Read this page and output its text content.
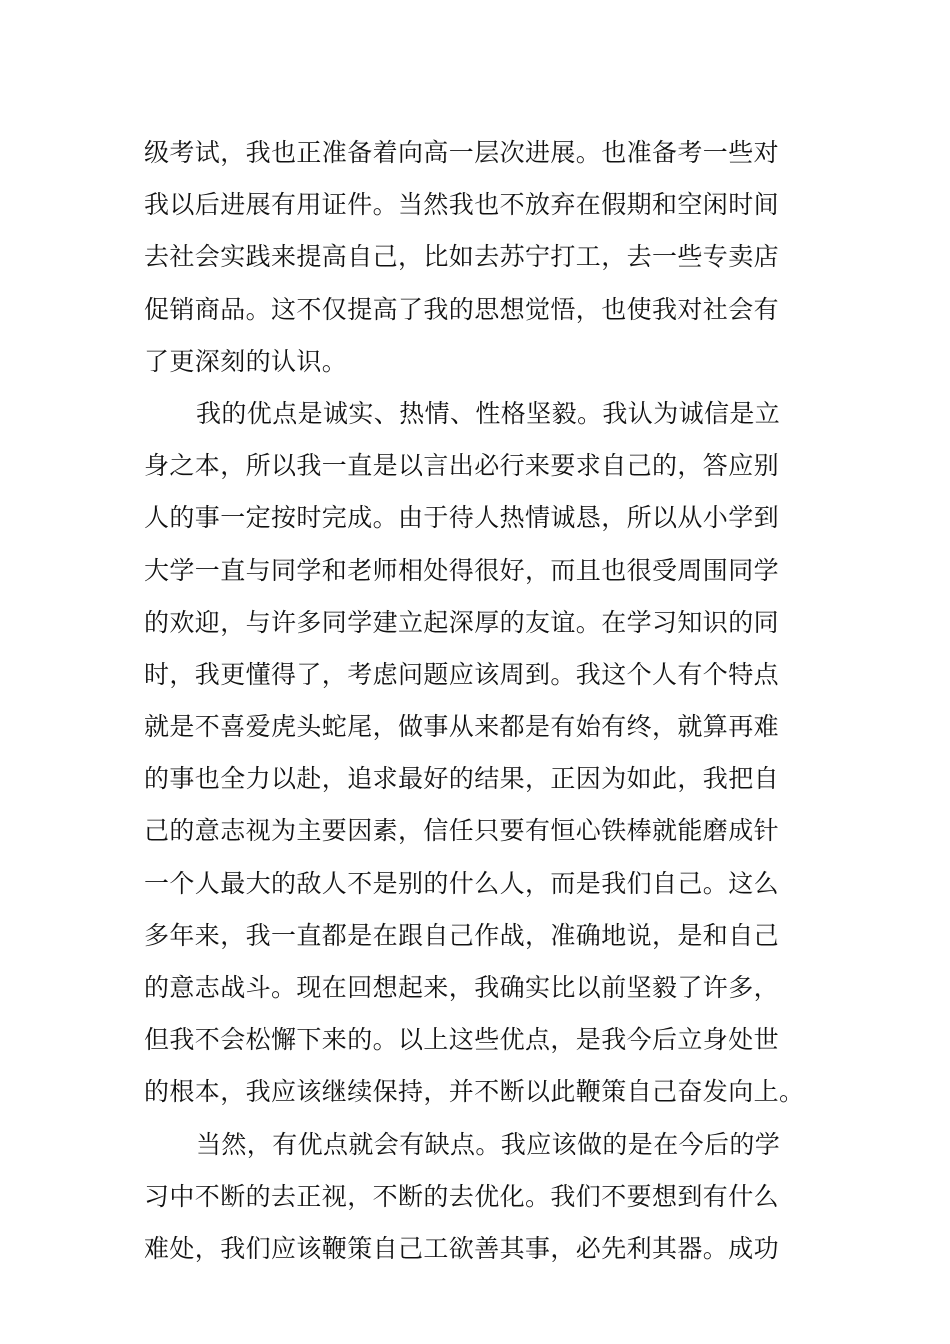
级考试，我也正准备着向高一层次进展。也准备考一些对
我以后进展有用证件。当然我也不放弃在假期和空闲时间
去社会实践来提高自己，比如去苏宁打工，去一些专卖店
促销商品。这不仅提高了我的思想觉悟，也使我对社会有
了更深刻的认识。
我的优点是诚实、热情、性格坚毅。我认为诚信是立
身之本，所以我一直是以言出必行来要求自己的，答应别
人的事一定按时完成。由于待人热情诚恳，所以从小学到
大学一直与同学和老师相处得很好，而且也很受周围同学
的欢迎，与许多同学建立起深厚的友谊。在学习知识的同
时，我更懂得了，考虑问题应该周到。我这个人有个特点
就是不喜爱虎头蛇尾，做事从来都是有始有终，就算再难
的事也全力以赴，追求最好的结果，正因为如此，我把自
己的意志视为主要因素，信任只要有恒心铁棒就能磨成针
一个人最大的敌人不是别的什么人，而是我们自己。这么
多年来，我一直都是在跟自己作战，准确地说，是和自己
的意志战斗。现在回想起来，我确实比以前坚毅了许多，
但我不会松懈下来的。以上这些优点，是我今后立身处世
的根本，我应该继续保持，并不断以此鞭策自己奋发向上。
当然，有优点就会有缺点。我应该做的是在今后的学
习中不断的去正视，不断的去优化。我们不要想到有什么
难处，我们应该鞭策自己工欲善其事，必先利其器。成功
